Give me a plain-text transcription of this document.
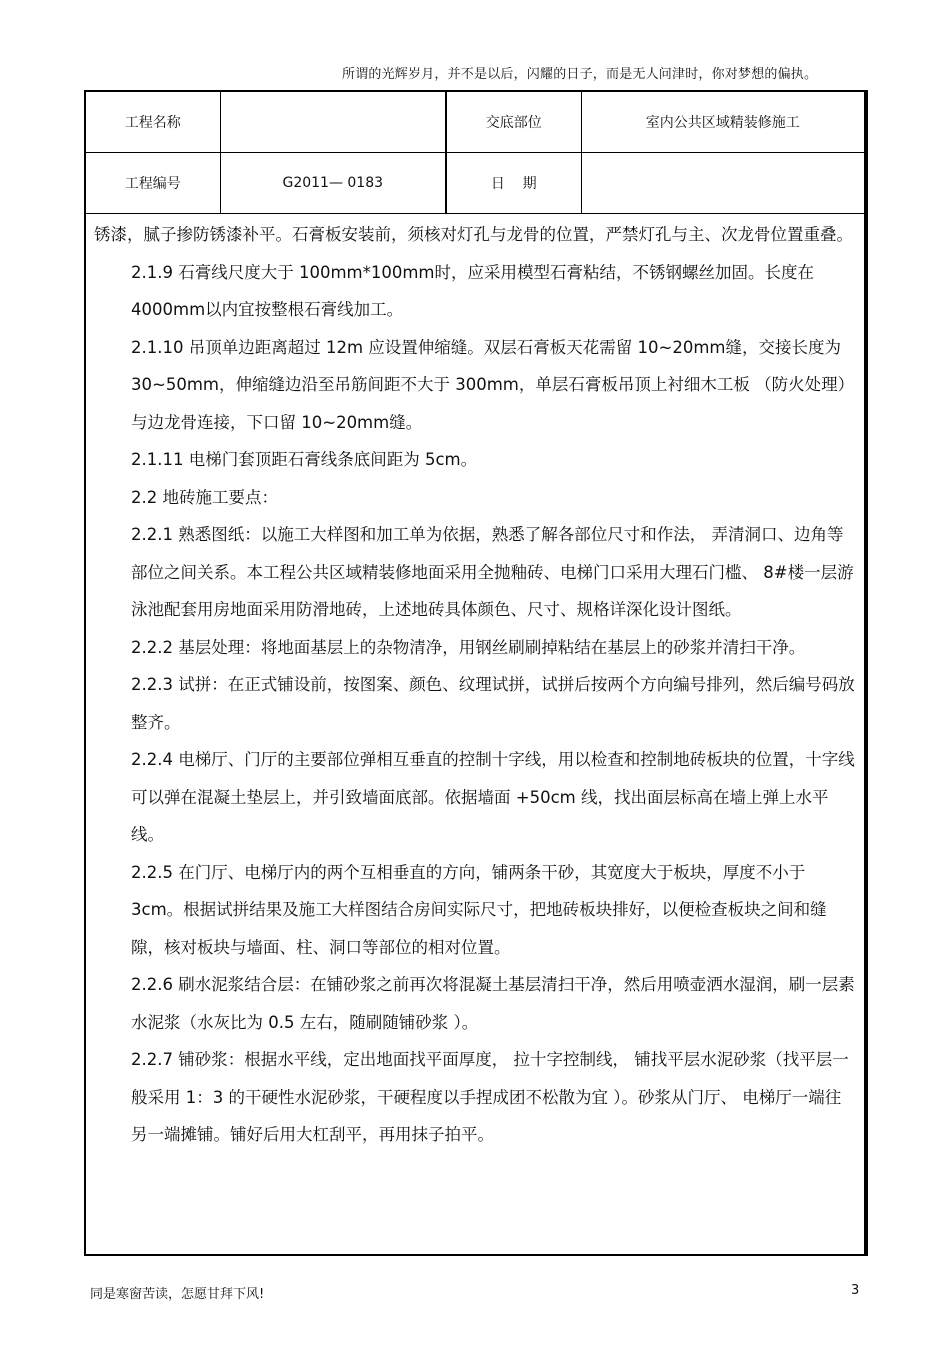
所谓的光辉岁月，并不是以后，闪耀的日子，而是无人问津时，你对梦想的偏执。
工程名称		交底部位	室内公共区域精装修施工
工程编号	G2011— 0183	日    期	

锈漆，腻子掺防锈漆补平。石膏板安装前，须核对灯孔与龙骨的位置，严禁灯孔与主、次龙骨位置重叠。

2.1.9 石膏线尺度大于 100mm*100mm时，应采用模型石膏粘结，不锈钢螺丝加固。长度在 4000mm以内宜按整根石膏线加工。

2.1.10 吊顶单边距离超过 12m 应设置伸缩缝。双层石膏板天花需留 10~20mm缝，交接长度为 30~50mm，伸缩缝边沿至吊筋间距不大于 300mm，单层石膏板吊顶上衬细木工板 （防火处理）与边龙骨连接，下口留 10~20mm缝。

2.1.11 电梯门套顶距石膏线条底间距为 5cm。

2.2 地砖施工要点：

2.2.1 熟悉图纸：以施工大样图和加工单为依据，熟悉了解各部位尺寸和作法， 弄清洞口、边角等部位之间关系。本工程公共区域精装修地面采用全抛釉砖、电梯门口采用大理石门槛、 8#楼一层游泳池配套用房地面采用防滑地砖，上述地砖具体颜色、尺寸、规格详深化设计图纸。

2.2.2 基层处理：将地面基层上的杂物清净，用钢丝刷刷掉粘结在基层上的砂浆并清扫干净。

2.2.3 试拼：在正式铺设前，按图案、颜色、纹理试拼，试拼后按两个方向编号排列，然后编号码放整齐。

2.2.4 电梯厅、门厅的主要部位弹相互垂直的控制十字线，用以检查和控制地砖板块的位置，十字线可以弹在混凝土垫层上，并引致墙面底部。依据墙面 +50cm 线，找出面层标高在墙上弹上水平线。

2.2.5 在门厅、电梯厅内的两个互相垂直的方向，铺两条干砂，其宽度大于板块，厚度不小于 3cm。根据试拼结果及施工大样图结合房间实际尺寸，把地砖板块排好，以便检查板块之间和缝隙，核对板块与墙面、柱、洞口等部位的相对位置。

2.2.6 刷水泥浆结合层：在铺砂浆之前再次将混凝土基层清扫干净，然后用喷壶洒水湿润，刷一层素水泥浆（水灰比为 0.5 左右，随刷随铺砂浆 ）。

2.2.7 铺砂浆：根据水平线，定出地面找平面厚度， 拉十字控制线， 铺找平层水泥砂浆（找平层一般采用 1：3 的干硬性水泥砂浆，干硬程度以手捏成团不松散为宜 ）。砂浆从门厅、 电梯厅一端往另一端摊铺。铺好后用大杠刮平，再用抹子拍平。

同是寒窗苦读，怎愿甘拜下风!	3
